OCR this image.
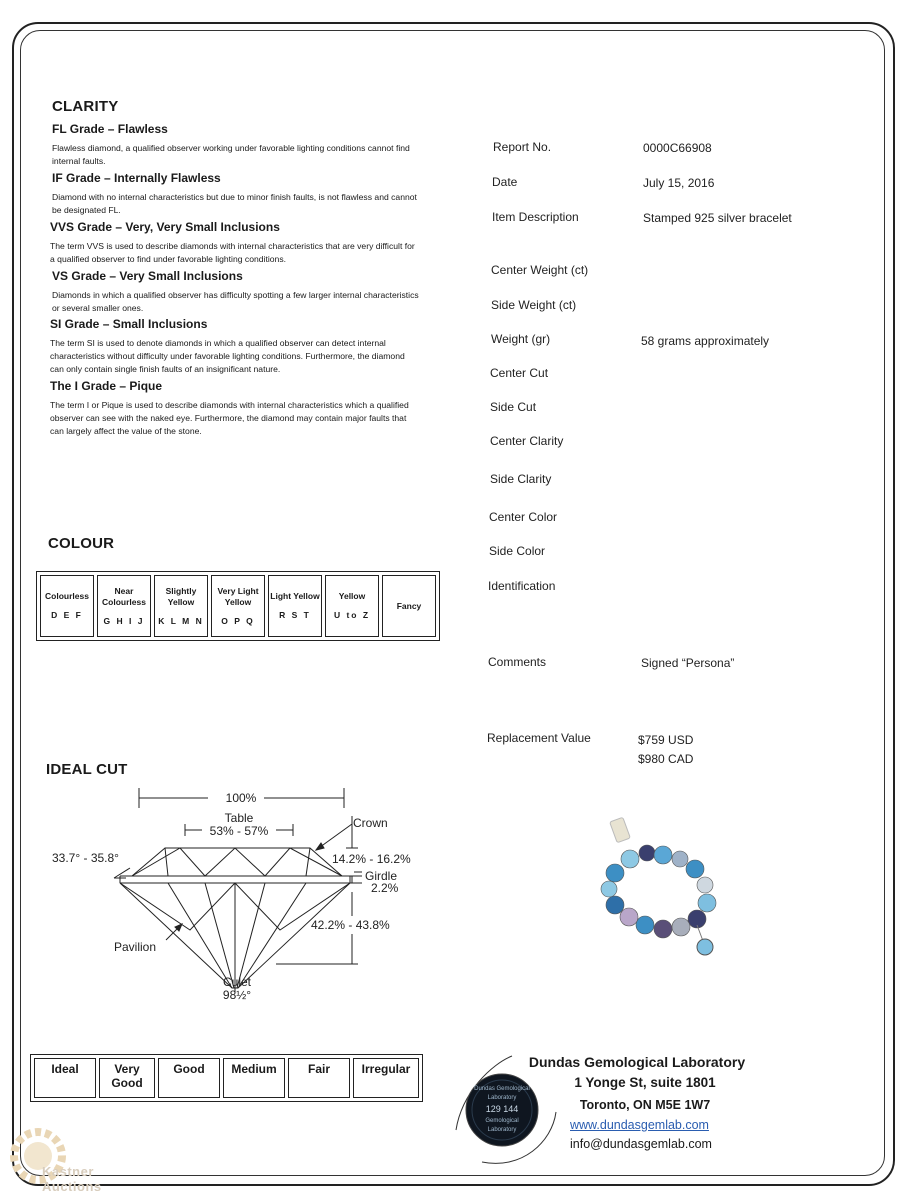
CLARITY
FL Grade – Flawless
Flawless diamond, a qualified observer working under favorable lighting conditions cannot find internal faults.
IF Grade – Internally Flawless
Diamond with no internal characteristics but due to minor finish faults, is not flawless and cannot be designated FL.
VVS Grade – Very, Very Small Inclusions
The term VVS is used to describe diamonds with internal characteristics that are very difficult for a qualified observer to find under favorable lighting conditions.
VS Grade – Very Small Inclusions
Diamonds in which a qualified observer has difficulty spotting a few larger internal characteristics or several smaller ones.
SI Grade – Small Inclusions
The term SI is used to denote diamonds in which a qualified observer can detect internal characteristics without difficulty under favorable lighting conditions. Furthermore, the diamond can only contain single finish faults of an insignificant nature.
The I Grade – Pique
The term I or Pique is used to describe diamonds with internal characteristics which a qualified observer can see with the naked eye. Furthermore, the diamond may contain major faults that can largely affect the value of the stone.
COLOUR
Colourless
D E F
	Near Colourless
G H I J
	Slightly Yellow
K L M N
	Very Light Yellow
O P Q
	Light Yellow
R S T
	Yellow
U to Z
	Fancy
IDEAL CUT
100%
Table
53% - 57%
Crown
33.7° - 35.8°	14.2% - 16.2%
Girdle
2.2%
42.2% - 43.8%
Pavilion
Culet
98½°
Ideal	Very Good	Good	Medium	Fair	Irregular
Report No.	0000C66908
Date	July 15, 2016
Item Description	Stamped 925 silver bracelet
Center Weight (ct)
Side Weight (ct)
Weight (gr)	58 grams approximately
Center Cut
Side Cut
Center Clarity
Side Clarity
Center Color
Side Color
Identification
Comments	Signed “Persona”
Replacement Value	$759 USD
$980 CAD
Dundas Gemological
Laboratory
129 144
Gemological
Laboratory
Dundas Gemological Laboratory
1 Yonge St, suite 1801
Toronto, ON M5E 1W7
www.dundasgemlab.com
info@dundasgemlab.com
Kastner Auctions
